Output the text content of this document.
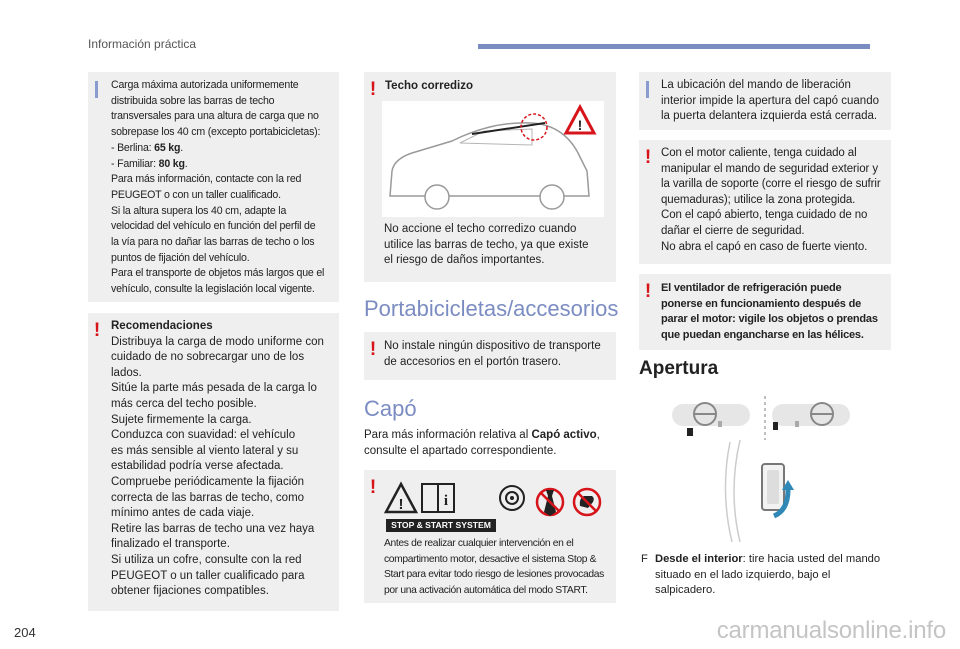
Información práctica

Carga máxima autorizada uniformemente

distribuida sobre las barras de techo

transversales para una altura de carga que no

sobrepase los 40 cm (excepto portabicicletas):

- Berlina: 65 kg.

- Familiar: 80 kg.

Para más información, contacte con la red

PEUGEOT o con un taller cualificado.

Si la altura supera los 40 cm, adapte la

velocidad del vehículo en función del perfil de

la vía para no dañar las barras de techo o los

puntos de fijación del vehículo.

Para el transporte de objetos más largos que el

vehículo, consulte la legislación local vigente.

! Recomendaciones

Distribuya la carga de modo uniforme con

cuidado de no sobrecargar uno de los

lados.

Sitúe la parte más pesada de la carga lo

más cerca del techo posible.

Sujete firmemente la carga.

Conduzca con suavidad: el vehículo

es más sensible al viento lateral y su

estabilidad podría verse afectada.

Compruebe periódicamente la fijación

correcta de las barras de techo, como

mínimo antes de cada viaje.

Retire las barras de techo una vez haya

finalizado el transporte.

Si utiliza un cofre, consulte con la red

PEUGEOT o un taller cualificado para

obtener fijaciones compatibles.

! Techo corredizo
!

No accione el techo corredizo cuando

utilice las barras de techo, ya que existe

el riesgo de daños importantes.

Portabicicletas/accesorios
! No instale ningún dispositivo de transporte

de accesorios en el portón trasero.

Capó

Para más información relativa al Capó activo,

consulte el apartado correspondiente.

!
!	i
STOP & START SYSTEM

Antes de realizar cualquier intervención en el

compartimento motor, desactive el sistema Stop &

Start para evitar todo riesgo de lesiones provocadas

por una activación automática del modo START.

La ubicación del mando de liberación

interior impide la apertura del capó cuando

la puerta delantera izquierda está cerrada.

! Con el motor caliente, tenga cuidado al

manipular el mando de seguridad exterior y

la varilla de soporte (corre el riesgo de sufrir

quemaduras); utilice la zona protegida.

Con el capó abierto, tenga cuidado de no

dañar el cierre de seguridad.

No abra el capó en caso de fuerte viento.

! El ventilador de refrigeración puede

ponerse en funcionamiento después de

parar el motor: vigile los objetos o prendas

que puedan engancharse en las hélices.

Apertura

F Desde el interior: tire hacia usted del mando

situado en el lado izquierdo, bajo el salpicadero.

204	carmanualsonline.info
